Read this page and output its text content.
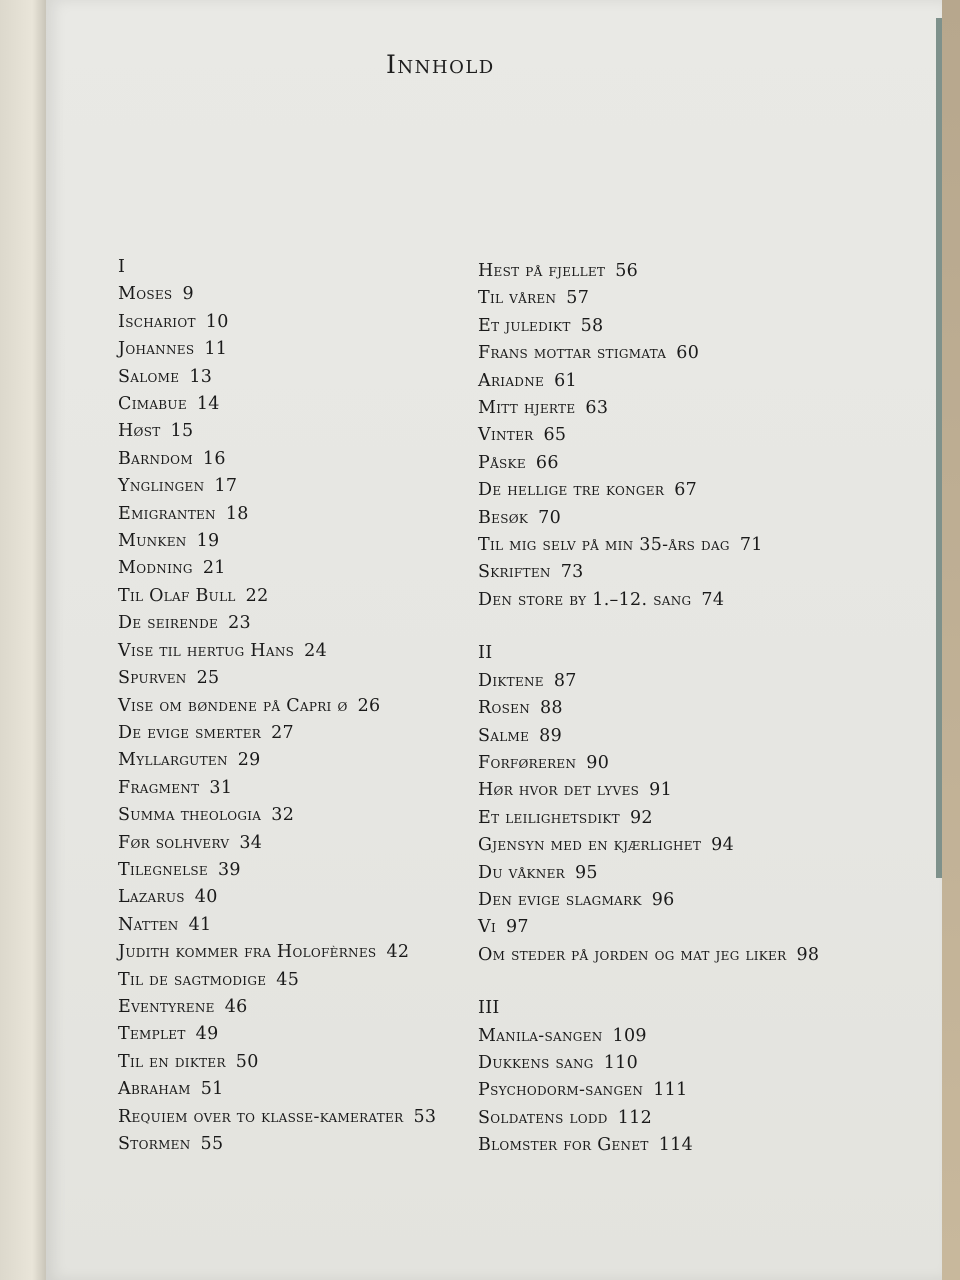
Innhold
I
Moses 9
Ischariot 10
Johannes 11
Salome 13
Cimabue 14
Høst 15
Barndom 16
Ynglingen 17
Emigranten 18
Munken 19
Modning 21
Til Olaf Bull 22
De seirende 23
Vise til hertug Hans 24
Spurven 25
Vise om bøndene på Capri ø 26
De evige smerter 27
Myllarguten 29
Fragment 31
Summa theologia 32
Før solhverv 34
Tilegnelse 39
Lazarus 40
Natten 41
Judith kommer fra Holofèrnes 42
Til de sagtmodige 45
Eventyrene 46
Templet 49
Til en dikter 50
Abraham 51
Requiem over to klasse-kamerater 53
Stormen 55
Hest på fjellet 56
Til våren 57
Et juledikt 58
Frans mottar stigmata 60
Ariadne 61
Mitt hjerte 63
Vinter 65
Påske 66
De hellige tre konger 67
Besøk 70
Til mig selv på min 35-års dag 71
Skriften 73
Den store by 1.–12. sang 74
II
Diktene 87
Rosen 88
Salme 89
Forføreren 90
Hør hvor det lyves 91
Et leilighetsdikt 92
Gjensyn med en kjærlighet 94
Du våkner 95
Den evige slagmark 96
Vi 97
Om steder på jorden og mat jeg liker 98
III
Manila-sangen 109
Dukkens sang 110
Psychodorm-sangen 111
Soldatens lodd 112
Blomster for Genet 114
